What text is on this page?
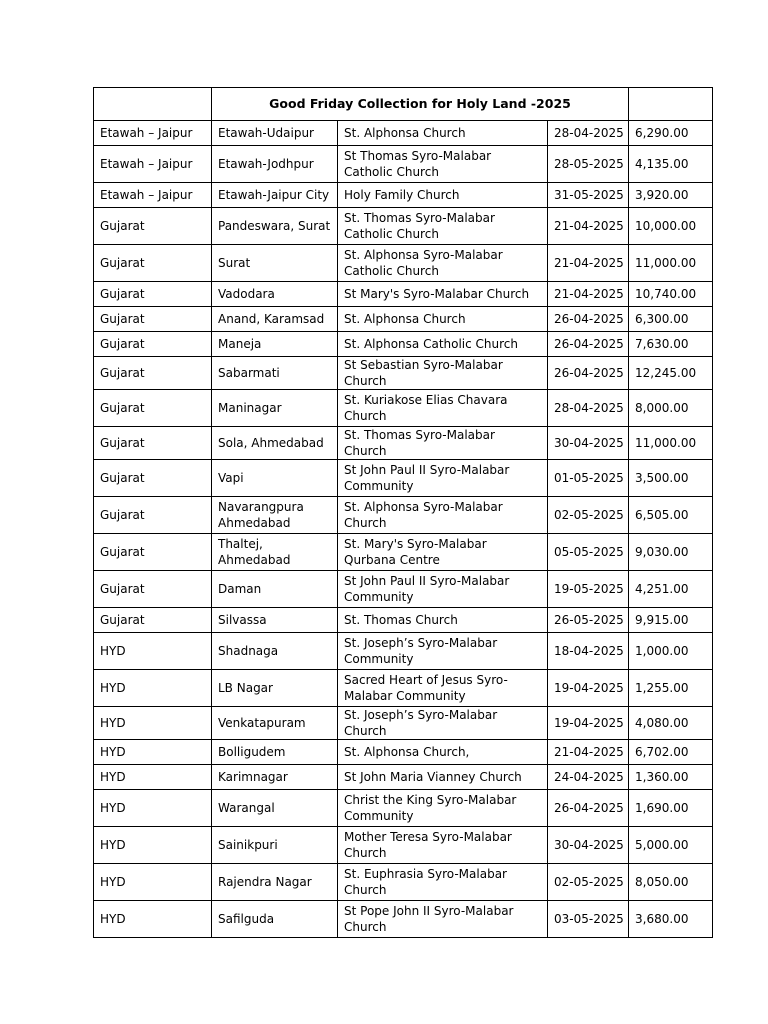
	Good Friday Collection for Holy Land -2025			
Etawah – Jaipur	Etawah-Udaipur	St. Alphonsa Church	28-04-2025	6,290.00
Etawah – Jaipur	Etawah-Jodhpur	St Thomas Syro-Malabar Catholic Church	28-05-2025	4,135.00
Etawah – Jaipur	Etawah-Jaipur City	Holy Family Church	31-05-2025	3,920.00
Gujarat	Pandeswara, Surat	St. Thomas Syro-Malabar Catholic Church	21-04-2025	10,000.00
Gujarat	Surat	St. Alphonsa Syro-Malabar Catholic Church	21-04-2025	11,000.00
Gujarat	Vadodara	St Mary's Syro-Malabar Church	21-04-2025	10,740.00
Gujarat	Anand, Karamsad	St. Alphonsa Church	26-04-2025	6,300.00
Gujarat	Maneja	St. Alphonsa Catholic Church	26-04-2025	7,630.00
Gujarat	Sabarmati	St Sebastian Syro-Malabar Church	26-04-2025	12,245.00
Gujarat	Maninagar	St. Kuriakose Elias Chavara Church	28-04-2025	8,000.00
Gujarat	Sola, Ahmedabad	St. Thomas Syro-Malabar Church	30-04-2025	11,000.00
Gujarat	Vapi	St John Paul II Syro-Malabar Community	01-05-2025	3,500.00
Gujarat	Navarangpura Ahmedabad	St. Alphonsa Syro-Malabar Church	02-05-2025	6,505.00
Gujarat	Thaltej, Ahmedabad	St. Mary's Syro-Malabar Qurbana Centre	05-05-2025	9,030.00
Gujarat	Daman	St John Paul II Syro-Malabar Community	19-05-2025	4,251.00
Gujarat	Silvassa	St. Thomas Church	26-05-2025	9,915.00
HYD	Shadnaga	St. Joseph’s Syro-Malabar Community	18-04-2025	1,000.00
HYD	LB Nagar	Sacred Heart of Jesus Syro-Malabar Community	19-04-2025	1,255.00
HYD	Venkatapuram	St. Joseph’s Syro-Malabar Church	19-04-2025	4,080.00
HYD	Bolligudem	St. Alphonsa Church,	21-04-2025	6,702.00
HYD	Karimnagar	St John Maria Vianney Church	24-04-2025	1,360.00
HYD	Warangal	Christ the King Syro-Malabar Community	26-04-2025	1,690.00
HYD	Sainikpuri	Mother Teresa Syro-Malabar Church	30-04-2025	5,000.00
HYD	Rajendra Nagar	St. Euphrasia Syro-Malabar Church	02-05-2025	8,050.00
HYD	Safilguda	St Pope John II Syro-Malabar Church	03-05-2025	3,680.00
